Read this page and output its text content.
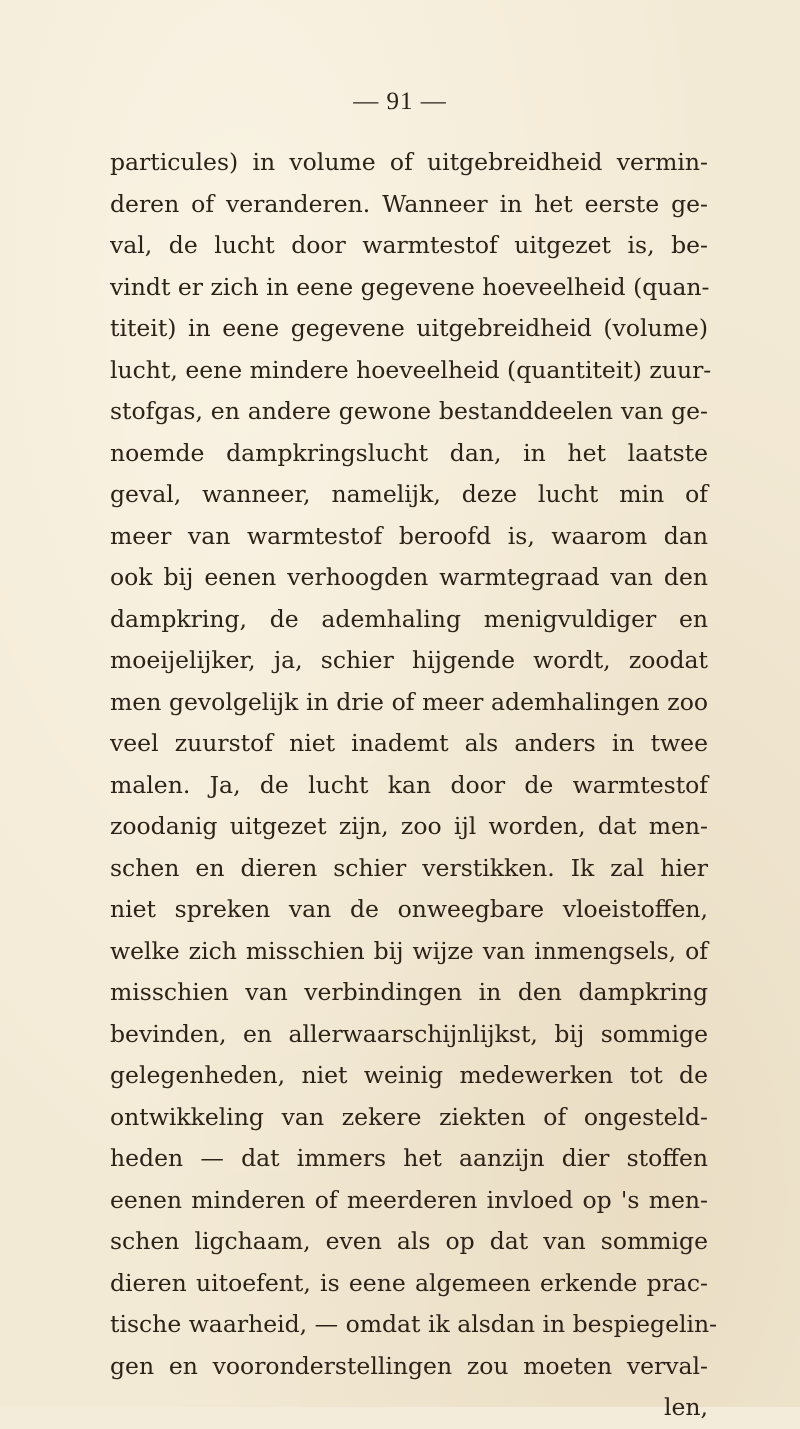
— 91 —
particules) in volume of uitgebreidheid vermin-
deren of veranderen. Wanneer in het eerste ge-
val, de lucht door warmtestof uitgezet is, be-
vindt er zich in eene gegevene hoeveelheid (quan-
titeit) in eene gegevene uitgebreidheid (volume)
lucht, eene mindere hoeveelheid (quantiteit) zuur-
stofgas, en andere gewone bestanddeelen van ge-
noemde dampkringslucht dan, in het laatste
geval, wanneer, namelijk, deze lucht min of
meer van warmtestof beroofd is, waarom dan
ook bij eenen verhoogden warmtegraad van den
dampkring, de ademhaling menigvuldiger en
moeijelijker, ja, schier hijgende wordt, zoodat
men gevolgelijk in drie of meer ademhalingen zoo
veel zuurstof niet inademt als anders in twee
malen. Ja, de lucht kan door de warmtestof
zoodanig uitgezet zijn, zoo ijl worden, dat men-
schen en dieren schier verstikken. Ik zal hier
niet spreken van de onweegbare vloeistoffen,
welke zich misschien bij wijze van inmengsels, of
misschien van verbindingen in den dampkring
bevinden, en allerwaarschijnlijkst, bij sommige
gelegenheden, niet weinig medewerken tot de
ontwikkeling van zekere ziekten of ongesteld-
heden — dat immers het aanzijn dier stoffen
eenen minderen of meerderen invloed op 's men-
schen ligchaam, even als op dat van sommige
dieren uitoefent, is eene algemeen erkende prac-
tische waarheid, — omdat ik alsdan in bespiegelin-
gen en vooronderstellingen zou moeten verval-
len,
